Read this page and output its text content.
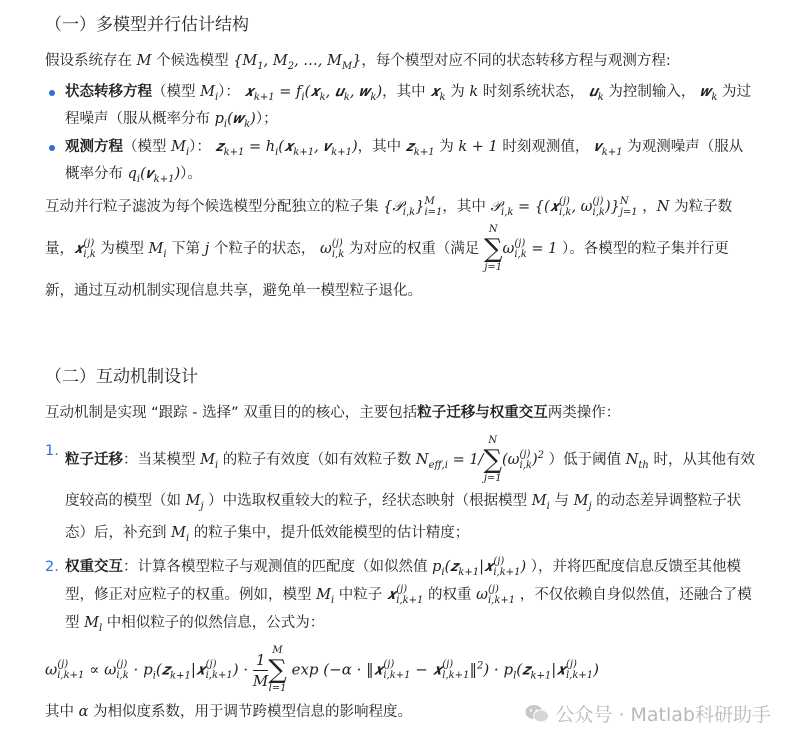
（一）多模型并行估计结构

假设系统存在 M 个候选模型 {$M_1$, $M_2$, …, $M_M$}，每个模型对应不同的状态转移方程与观测方程:

状态转移方程（模型 $M_i$）： 𝒙$_{k+1}$ = $f_i(𝒙_k$, 𝒖$_k$, 𝒘$_k$)，其中 𝒙$_k$ 为 k 时刻系统状态， 𝒖$_k$ 为控制输入， 𝒘$_k$ 为过程噪声（服从概率分布 $p_i(𝒘_k)$）；
观测方程（模型 $M_i$）： 𝒛$_{k+1}$ = $h_i(𝒙_{k+1}$, 𝒗$_{k+1}$)，其中 𝒛$_{k+1}$ 为 k + 1 时刻观测值， 𝒗$_{k+1}$ 为观测噪声（服从概率分布 $q_i(𝒗_{k+1})$）。

互动并行粒子滤波为每个候选模型分配独立的粒子集 {𝒫$_{i,k}$} M
i=1 ，其中 𝒫$_{i,k}$ = {(𝒙 (j)
i,k , ω (j)
i,k )} N
j=1 ，N 为粒子数量，𝒙 (j)
i,k 为模型 $M_i$ 下第 j 个粒子的状态， ω (j)
i,k 为对应的权重（满足
N
∑
j=1
ω (j)
i,k = 1 ）。各模型的粒子集并行更新，通过互动机制实现信息共享，避免单一模型粒子退化。

（二）互动机制设计

互动机制是实现 “跟踪 - 选择” 双重目的的核心，主要包括粒子迁移与权重交互两类操作：

1.
粒子迁移：当某模型 $M_i$ 的粒子有效度（如有效粒子数 $N_{eff,i} = 1/$
N
∑
j=1
(ω (j)
i,k )$^2$ ）低于阈值 $N_{th}$ 时，从其他有效度较高的模型（如 $M_j$ ）中选取权重较大的粒子，经状态映射（根据模型 $M_i$ 与 $M_j$ 的动态差异调整粒子状态）后，补充到 $M_i$ 的粒子集中，提升低效能模型的估计精度；
2. 权重交互：计算各模型粒子与观测值的匹配度（如似然值 $p_i(𝒛_{k+1}|𝒙$ (j)
i,k+1 ) ），并将匹配度信息反馈至其他模型，修正对应粒子的权重。例如，模型 $M_i$ 中粒子 𝒙 (j)
i,k+1 的权重 ω (j)
i,k+1 ，不仅依赖自身似然值，还融合了模型 $M_l$ 中相似粒子的似然信息，公式为：

ω (j)
i,k+1 ∝ ω (j)
$i,k \cdot p_i(𝒛_{k+1}|𝒙$ (j)
i,k+1 ) · $\frac{1}{M}$ M
∑
l=1
exp (−α · ‖𝒙 (j)
i,k+1 − 𝒙 (j)
l,k+1 ‖$^2$) · $p_l(𝒛_{k+1}|𝒙$ (j)
l,k+1 )

其中 α 为相似度系数，用于调节跨模型信息的影响程度。	公众号 · Matlab科研助手
